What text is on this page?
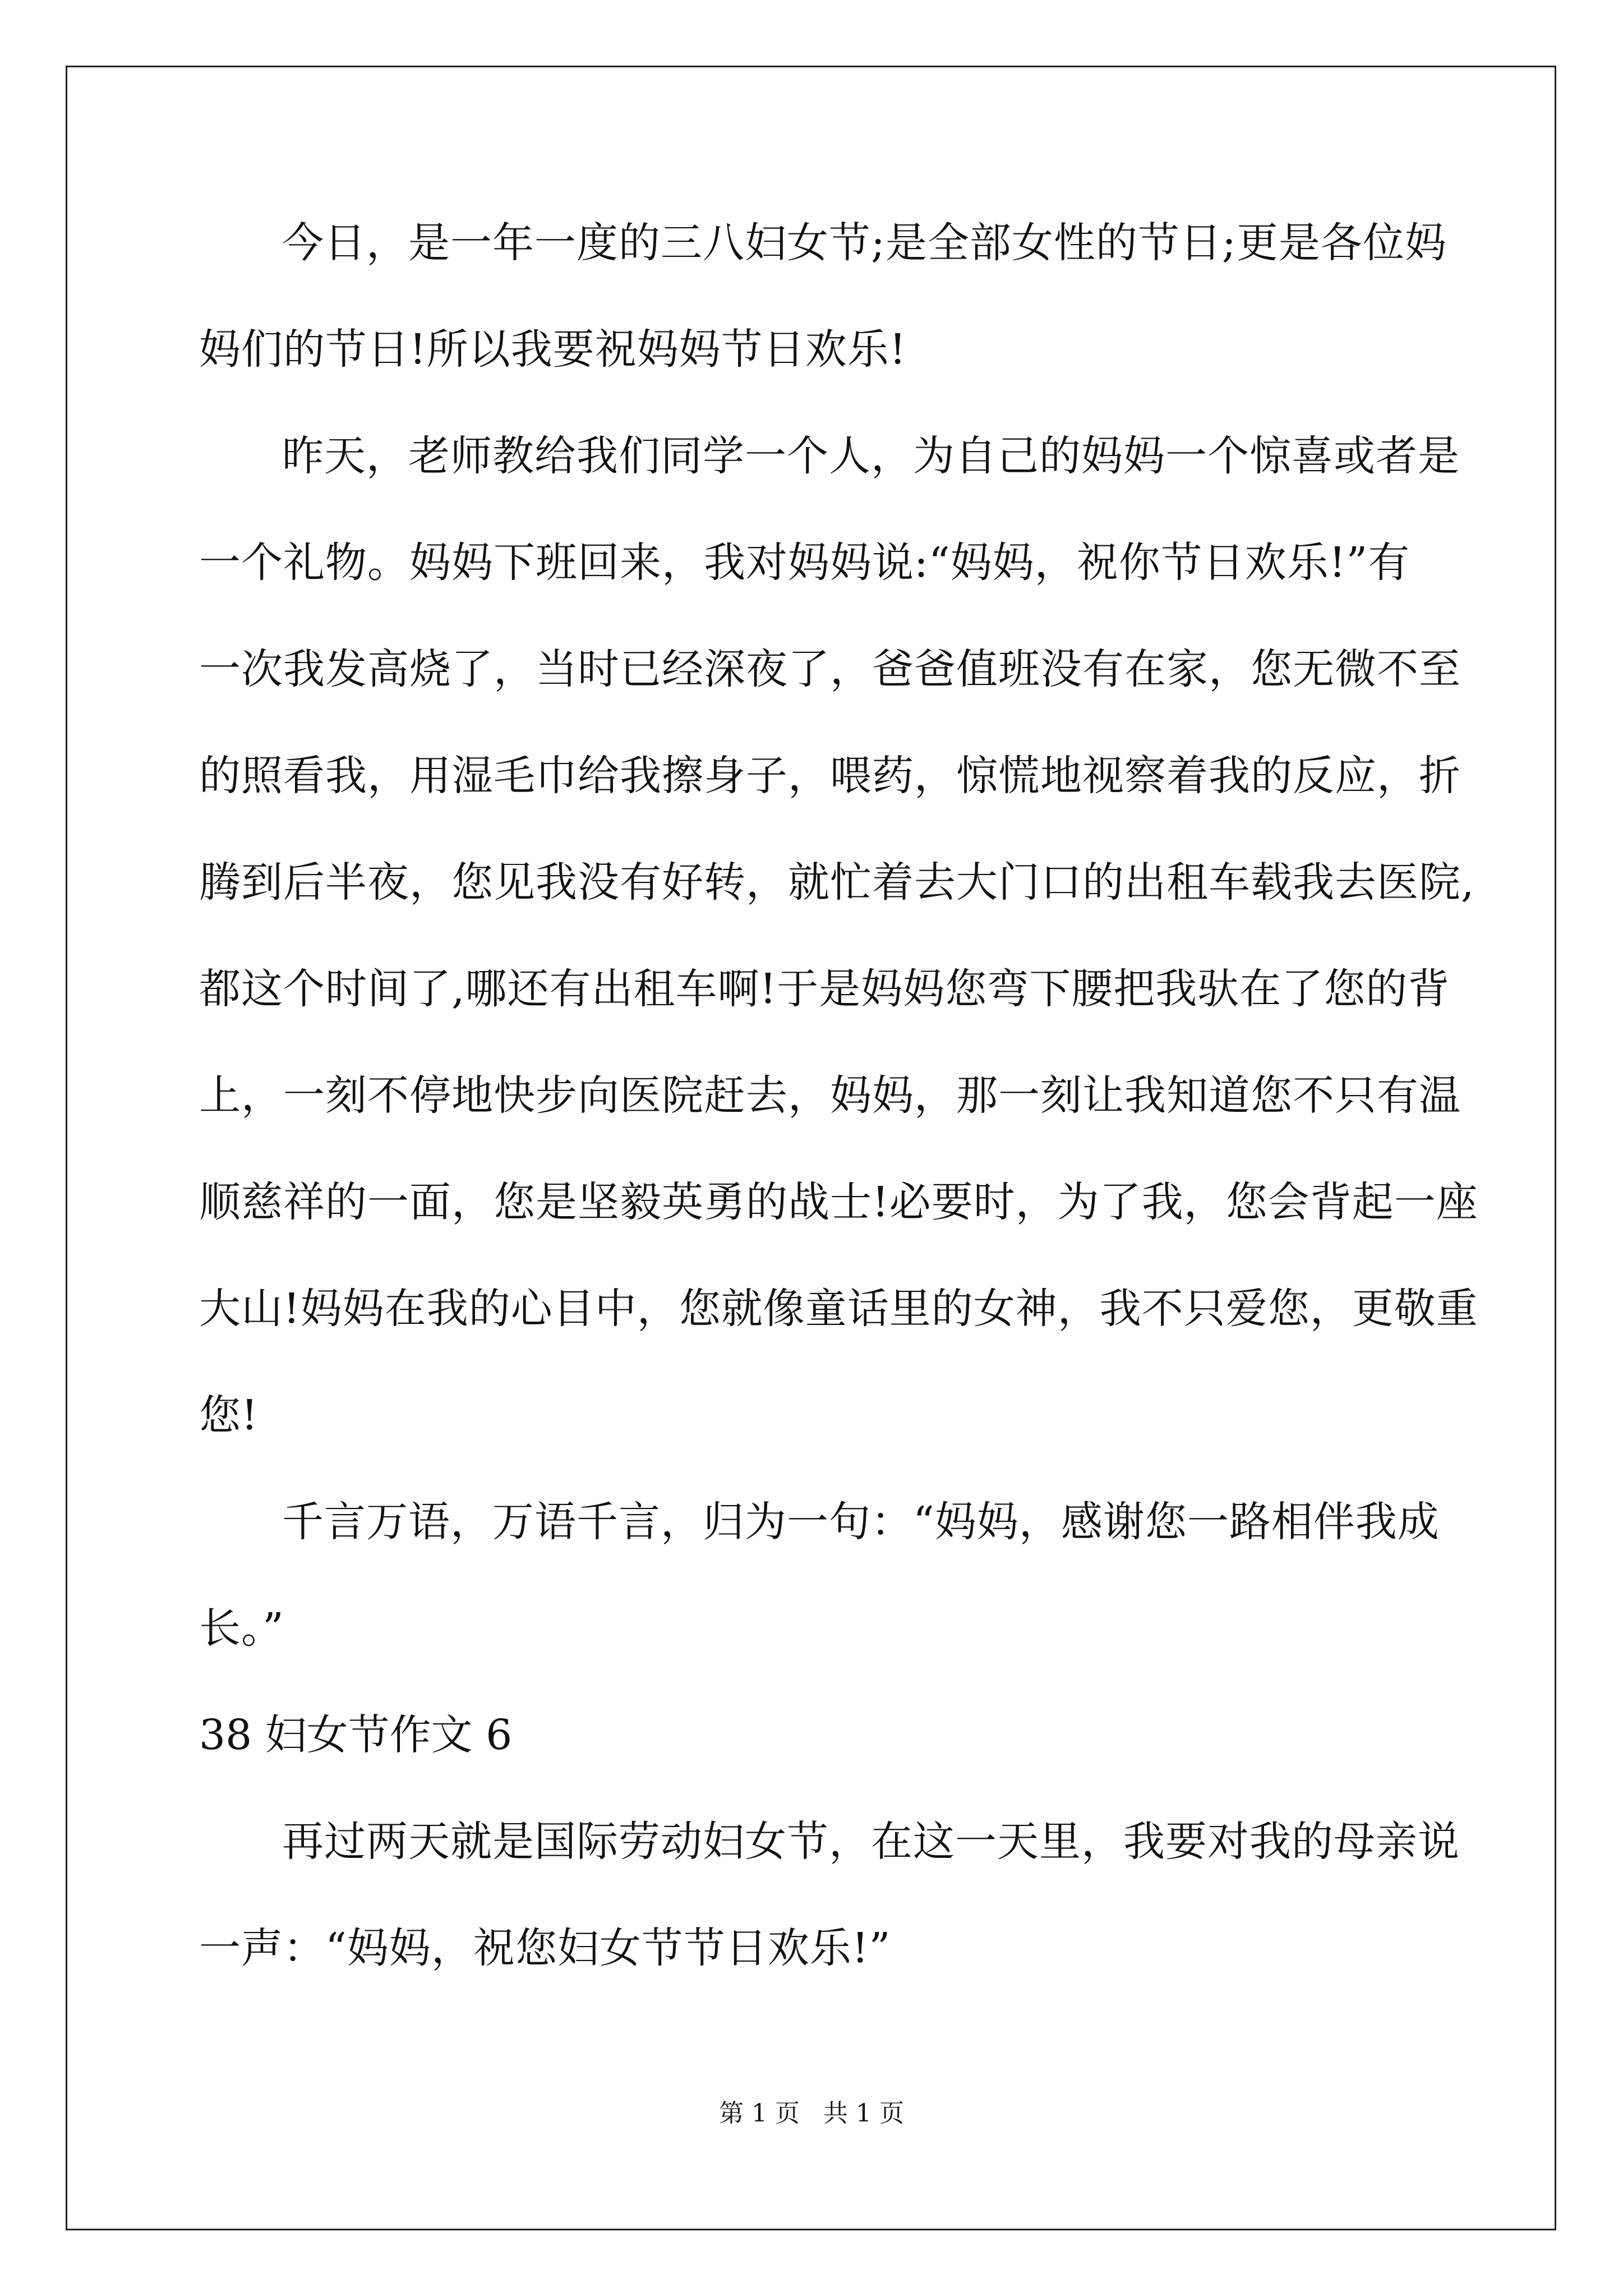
今日，是一年一度的三八妇女节;是全部女性的节日;更是各位妈
妈们的节日!所以我要祝妈妈节日欢乐!
昨天，老师教给我们同学一个人，为自己的妈妈一个惊喜或者是
一个礼物。妈妈下班回来，我对妈妈说:“妈妈，祝你节日欢乐!”有
一次我发高烧了，当时已经深夜了，爸爸值班没有在家，您无微不至
的照看我，用湿毛巾给我擦身子，喂药，惊慌地视察着我的反应，折
腾到后半夜，您见我没有好转，就忙着去大门口的出租车载我去医院,
都这个时间了,哪还有出租车啊!于是妈妈您弯下腰把我驮在了您的背
上，一刻不停地快步向医院赶去，妈妈，那一刻让我知道您不只有温
顺慈祥的一面，您是坚毅英勇的战士!必要时，为了我，您会背起一座
大山!妈妈在我的心目中，您就像童话里的女神，我不只爱您，更敬重
您!
千言万语，万语千言，归为一句：“妈妈，感谢您一路相伴我成
长。”
38 妇女节作文 6
再过两天就是国际劳动妇女节，在这一天里，我要对我的母亲说
一声：“妈妈，祝您妇女节节日欢乐!”
第 1 页 共 1 页
